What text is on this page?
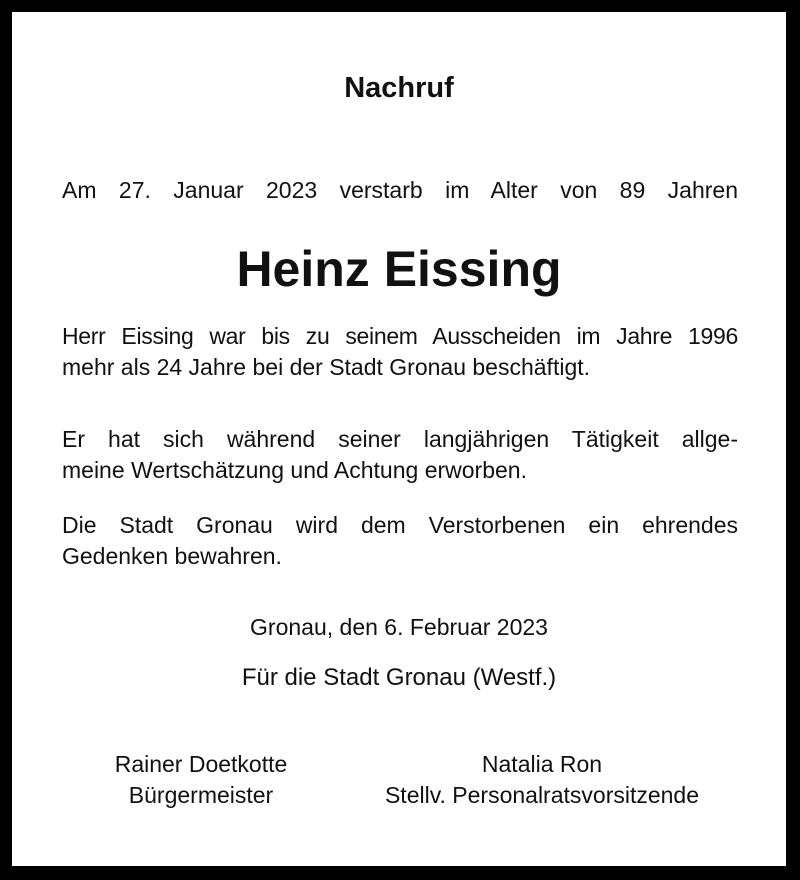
Nachruf
Am 27. Januar 2023 verstarb im Alter von 89 Jahren
Heinz Eissing
Herr Eissing war bis zu seinem Ausscheiden im Jahre 1996
mehr als 24 Jahre bei der Stadt Gronau beschäftigt.
Er hat sich während seiner langjährigen Tätigkeit allge-
meine Wertschätzung und Achtung erworben.
Die Stadt Gronau wird dem Verstorbenen ein ehrendes
Gedenken bewahren.
Gronau, den 6. Februar 2023
Für die Stadt Gronau (Westf.)
Rainer Doetkotte
Bürgermeister
Natalia Ron
Stellv. Personalratsvorsitzende
